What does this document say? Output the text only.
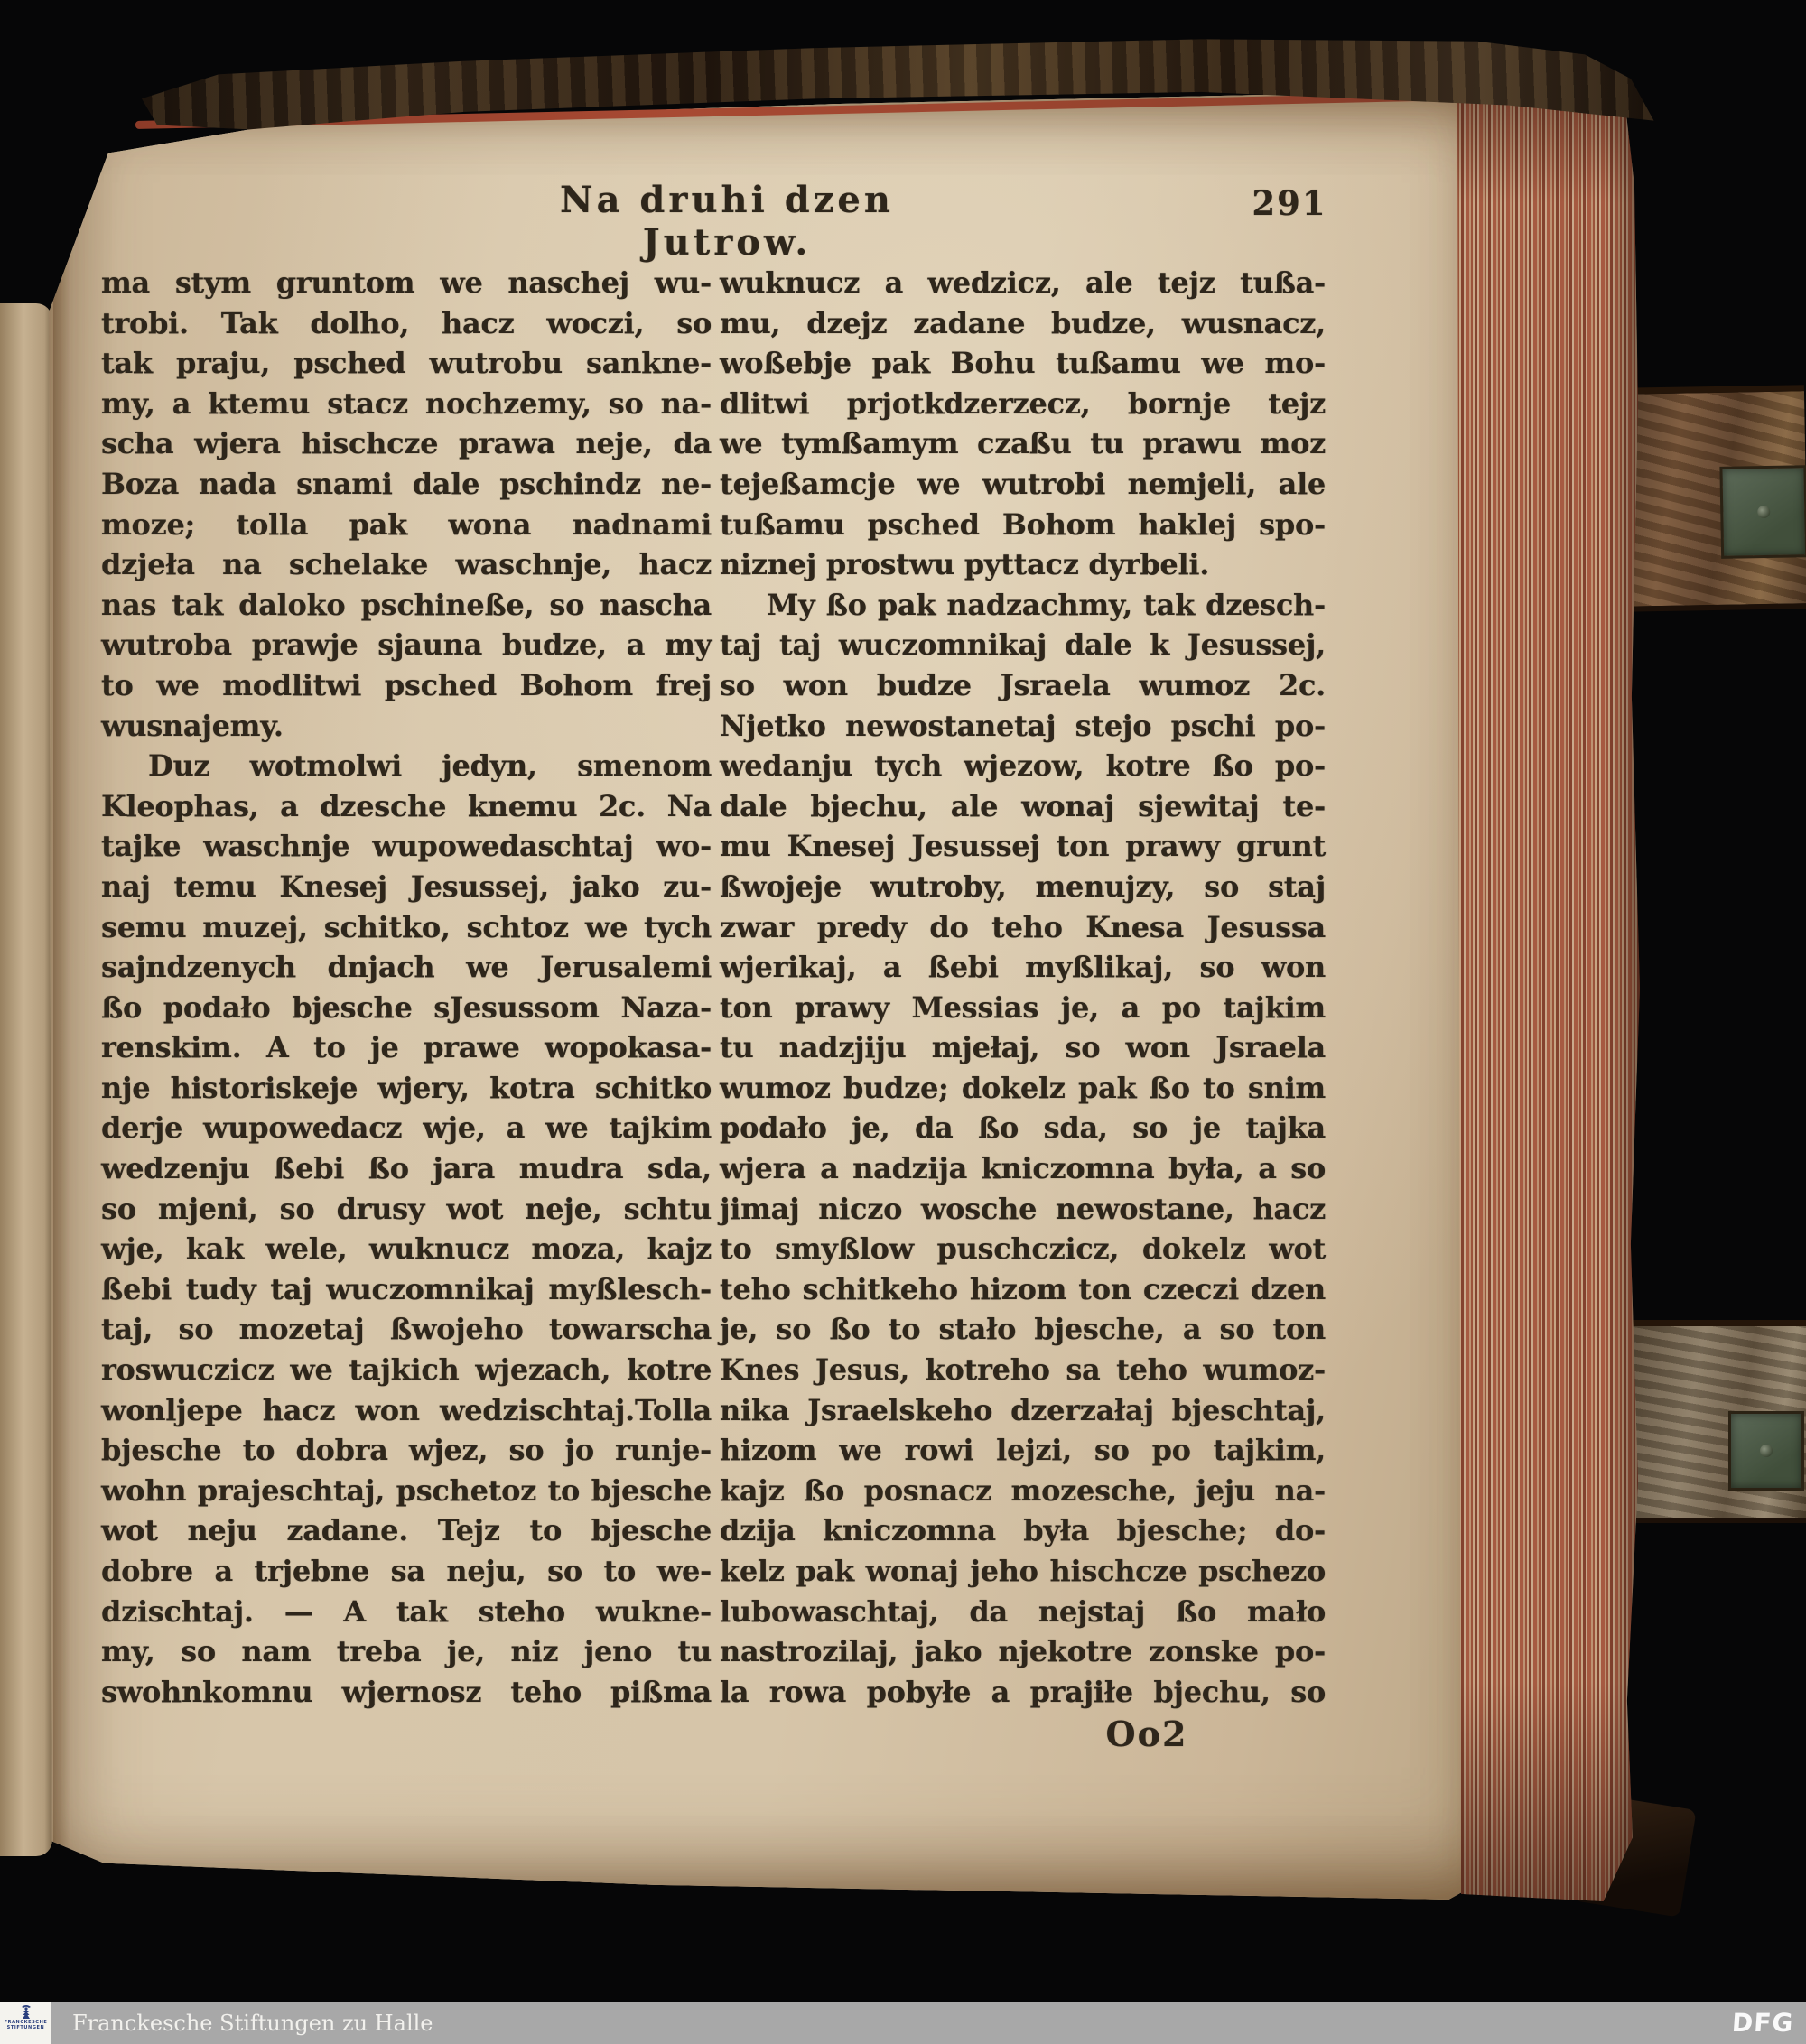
Na druhi dzen Jutrow.
291
ma stym gruntom we naschej wu-
trobi. Tak dolho, hacz woczi, so
tak praju, psched wutrobu sankne-
my, a ktemu stacz nochzemy, so na-
scha wjera hischcze prawa neje, da
Boza nada snami dale pschindz ne-
moze; tolla pak wona nadnami
dzjeła na schelake waschnje, hacz
nas tak daloko pschineße, so nascha
wutroba prawje sjauna budze, a my
to we modlitwi psched Bohom frej
wusnajemy.
Duz wotmolwi jedyn, smenom
Kleophas, a dzesche knemu 2c. Na
tajke waschnje wupowedaschtaj wo-
naj temu Knesej Jesussej, jako zu-
semu muzej, schitko, schtoz we tych
sajndzenych dnjach we Jerusalemi
ßo podało bjesche sJesussom Naza-
renskim. A to je prawe wopokasa-
nje historiskeje wjery, kotra schitko
derje wupowedacz wje, a we tajkim
wedzenju ßebi ßo jara mudra sda,
so mjeni, so drusy wot neje, schtu
wje, kak wele, wuknucz moza, kajz
ßebi tudy taj wuczomnikaj myßlesch-
taj, so mozetaj ßwojeho towarscha
roswuczicz we tajkich wjezach, kotre
wonljepe hacz won wedzischtaj.Tolla
bjesche to dobra wjez, so jo runje-
wohn prajeschtaj, pschetoz to bjesche
wot neju zadane. Tejz to bjesche
dobre a trjebne sa neju, so to we-
dzischtaj. — A tak steho wukne-
my, so nam treba je, niz jeno tu
swohnkomnu wjernosz teho pißma
wuknucz a wedzicz, ale tejz tußa-
mu, dzejz zadane budze, wusnacz,
woßebje pak Bohu tußamu we mo-
dlitwi prjotkdzerzecz, bornje tejz
we tymßamym czaßu tu prawu moz
tejeßamcje we wutrobi nemjeli, ale
tußamu psched Bohom haklej spo-
niznej prostwu pyttacz dyrbeli.
My ßo pak nadzachmy, tak dzesch-
taj taj wuczomnikaj dale k Jesussej,
so won budze Jsraela wumoz 2c.
Njetko newostanetaj stejo pschi po-
wedanju tych wjezow, kotre ßo po-
dale bjechu, ale wonaj sjewitaj te-
mu Knesej Jesussej ton prawy grunt
ßwojeje wutroby, menujzy, so staj
zwar predy do teho Knesa Jesussa
wjerikaj, a ßebi myßlikaj, so won
ton prawy Messias je, a po tajkim
tu nadzjiju mjełaj, so won Jsraela
wumoz budze; dokelz pak ßo to snim
podało je, da ßo sda, so je tajka
wjera a nadzija kniczomna była, a so
jimaj niczo wosche newostane, hacz
to smyßlow puschczicz, dokelz wot
teho schitkeho hizom ton czeczi dzen
je, so ßo to stało bjesche, a so ton
Knes Jesus, kotreho sa teho wumoz-
nika Jsraelskeho dzerzałaj bjeschtaj,
hizom we rowi lejzi, so po tajkim,
kajz ßo posnacz mozesche, jeju na-
dzija kniczomna była bjesche; do-
kelz pak wonaj jeho hischcze pschezo
lubowaschtaj, da nejstaj ßo mało
nastrozilaj, jako njekotre zonske po-
la rowa pobyłe a prajiłe bjechu, so
Oo2
FRANCKESCHE
STIFTUNGEN Franckesche Stiftungen zu Halle	DFG
